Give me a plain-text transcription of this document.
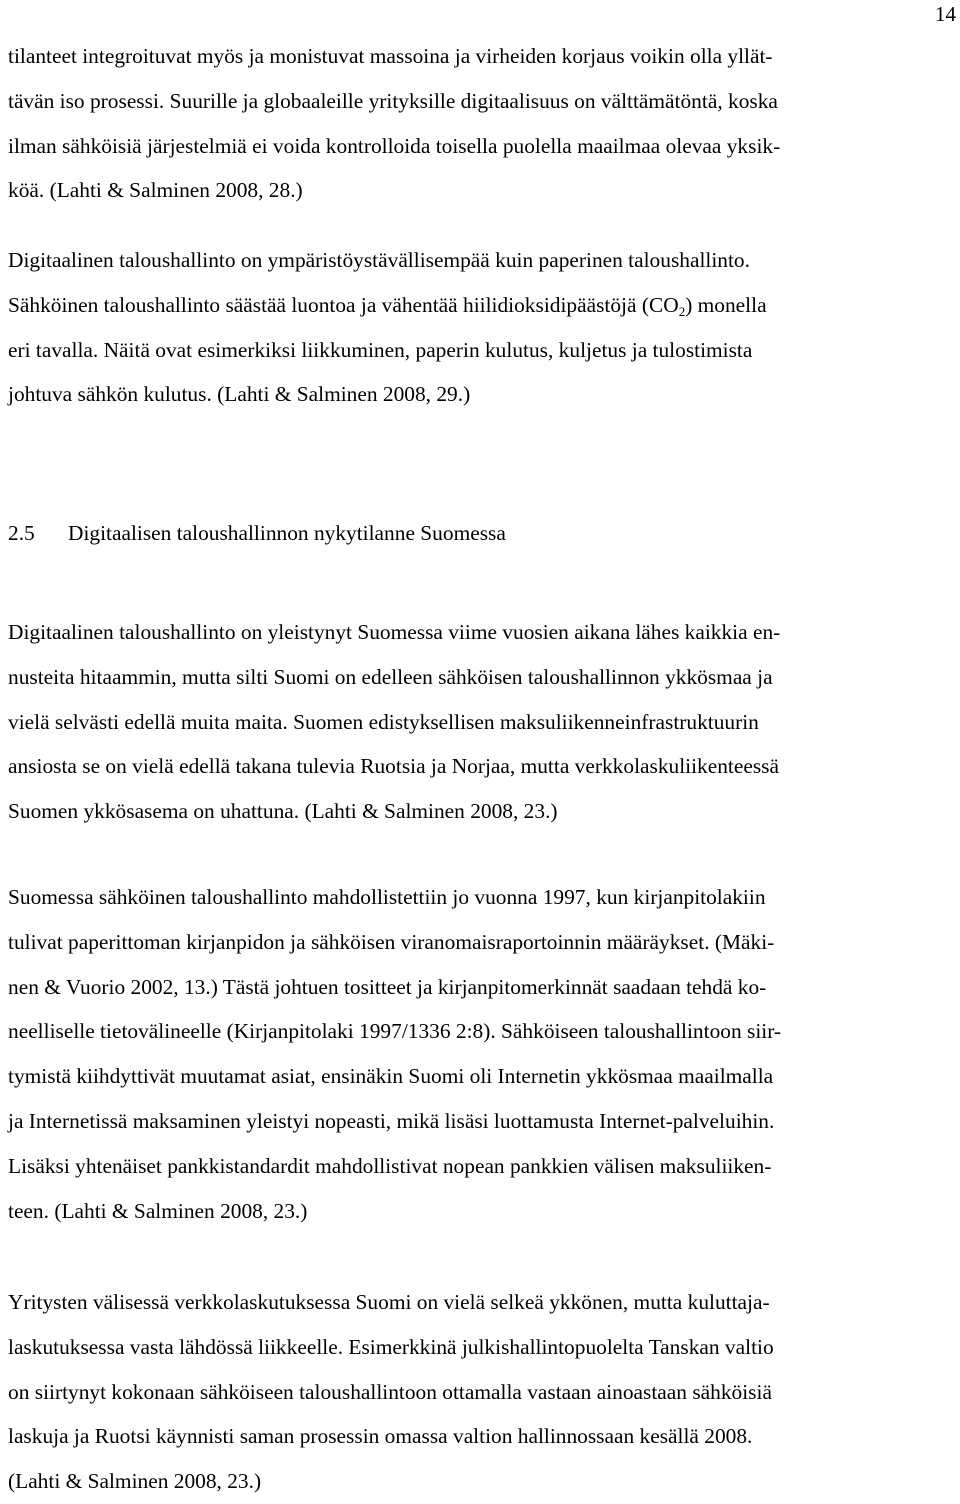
14

tilanteet integroituvat myös ja monistuvat massoina ja virheiden korjaus voikin olla yllät-
tävän iso prosessi. Suurille ja globaaleille yrityksille digitaalisuus on välttämätöntä, koska
ilman sähköisiä järjestelmiä ei voida kontrolloida toisella puolella maailmaa olevaa yksik-
köä. (Lahti & Salminen 2008, 28.)

Digitaalinen taloushallinto on ympäristöystävällisempää kuin paperinen taloushallinto.
Sähköinen taloushallinto säästää luontoa ja vähentää hiilidioksidipäästöjä $(CO_2)$ monella
eri tavalla. Näitä ovat esimerkiksi liikkuminen, paperin kulutus, kuljetus ja tulostimista
johtuva sähkön kulutus. (Lahti & Salminen 2008, 29.)

2.5 Digitaalisen taloushallinnon nykytilanne Suomessa

Digitaalinen taloushallinto on yleistynyt Suomessa viime vuosien aikana lähes kaikkia en-
nusteita hitaammin, mutta silti Suomi on edelleen sähköisen taloushallinnon ykkösmaa ja
vielä selvästi edellä muita maita. Suomen edistyksellisen maksuliikenneinfrastruktuurin
ansiosta se on vielä edellä takana tulevia Ruotsia ja Norjaa, mutta verkkolaskuliikenteessä
Suomen ykkösasema on uhattuna. (Lahti & Salminen 2008, 23.)

Suomessa sähköinen taloushallinto mahdollistettiin jo vuonna 1997, kun kirjanpitolakiin
tulivat paperittoman kirjanpidon ja sähköisen viranomaisraportoinnin määräykset. (Mäki-
nen & Vuorio 2002, 13.) Tästä johtuen tositteet ja kirjanpitomerkinnät saadaan tehdä ko-
neelliselle tietovälineelle (Kirjanpitolaki 1997/1336 2:8). Sähköiseen taloushallintoon siir-
tymistä kiihdyttivät muutamat asiat, ensinäkin Suomi oli Internetin ykkösmaa maailmalla
ja Internetissä maksaminen yleistyi nopeasti, mikä lisäsi luottamusta Internet-palveluihin.
Lisäksi yhtenäiset pankkistandardit mahdollistivat nopean pankkien välisen maksuliiken-
teen. (Lahti & Salminen 2008, 23.)

Yritysten välisessä verkkolaskutuksessa Suomi on vielä selkeä ykkönen, mutta kuluttaja-
laskutuksessa vasta lähdössä liikkeelle. Esimerkkinä julkishallintopuolelta Tanskan valtio
on siirtynyt kokonaan sähköiseen taloushallintoon ottamalla vastaan ainoastaan sähköisiä
laskuja ja Ruotsi käynnisti saman prosessin omassa valtion hallinnossaan kesällä 2008.
(Lahti & Salminen 2008, 23.)
